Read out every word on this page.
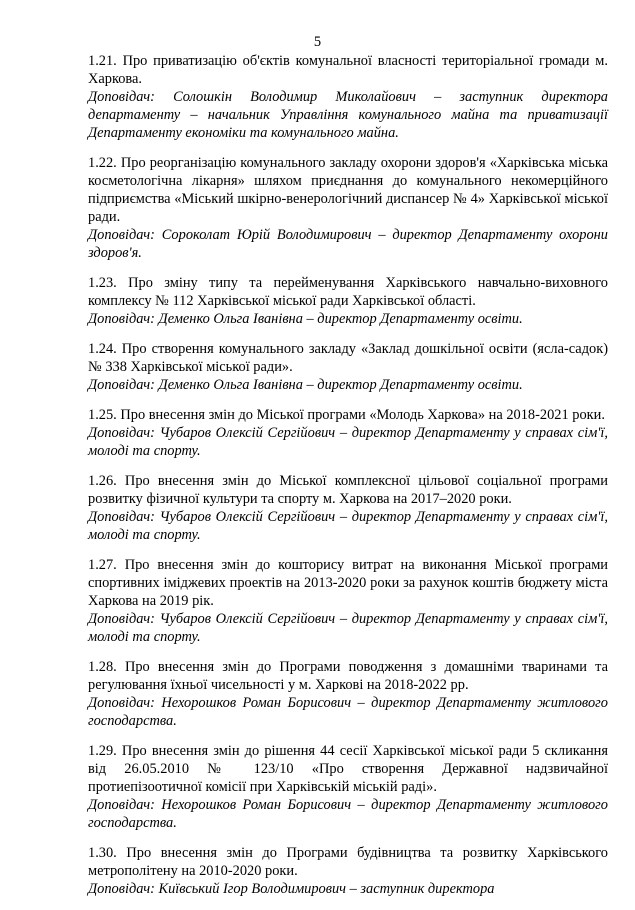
5

1.21. Про приватизацію об'єктів комунальної власності територіальної громади м. Харкова.

Доповідач: Солошкін Володимир Миколайович – заступник директора департаменту – начальник Управління комунального майна та приватизації Департаменту економіки та комунального майна.

1.22. Про реорганізацію комунального закладу охорони здоров'я «Харківська міська косметологічна лікарня» шляхом приєднання до комунального некомерційного підприємства «Міський шкірно-венерологічний диспансер № 4» Харківської міської ради.

Доповідач: Сороколат Юрій Володимирович – директор Департаменту охорони здоров'я.

1.23. Про зміну типу та перейменування Харківського навчально-виховного комплексу № 112 Харківської міської ради Харківської області.

Доповідач: Деменко Ольга Іванівна – директор Департаменту освіти.

1.24. Про створення комунального закладу «Заклад дошкільної освіти (ясла-садок) № 338 Харківської міської ради».

Доповідач: Деменко Ольга Іванівна – директор Департаменту освіти.

1.25. Про внесення змін до Міської програми «Молодь Харкова» на 2018-2021 роки.

Доповідач: Чубаров Олексій Сергійович – директор Департаменту у справах сім'ї, молоді та спорту.

1.26. Про внесення змін до Міської комплексної цільової соціальної програми розвитку фізичної культури та спорту м. Харкова на 2017–2020 роки.

Доповідач: Чубаров Олексій Сергійович – директор Департаменту у справах сім'ї, молоді та спорту.

1.27. Про внесення змін до кошторису витрат на виконання Міської програми спортивних іміджевих проектів на 2013-2020 роки за рахунок коштів бюджету міста Харкова на 2019 рік.

Доповідач: Чубаров Олексій Сергійович – директор Департаменту у справах сім'ї, молоді та спорту.

1.28. Про внесення змін до Програми поводження з домашніми тваринами та регулювання їхньої чисельності у м. Харкові на 2018-2022 рр.

Доповідач: Нехорошков Роман Борисович – директор Департаменту житлового господарства.

1.29. Про внесення змін до рішення 44 сесії Харківської міської ради 5 скликання від 26.05.2010 № 123/10 «Про створення Державної надзвичайної протиепізоотичної комісії при Харківській міській раді».

Доповідач: Нехорошков Роман Борисович – директор Департаменту житлового господарства.

1.30. Про внесення змін до Програми будівництва та розвитку Харківського метрополітену на 2010-2020 роки.

Доповідач: Київський Ігор Володимирович – заступник директора
